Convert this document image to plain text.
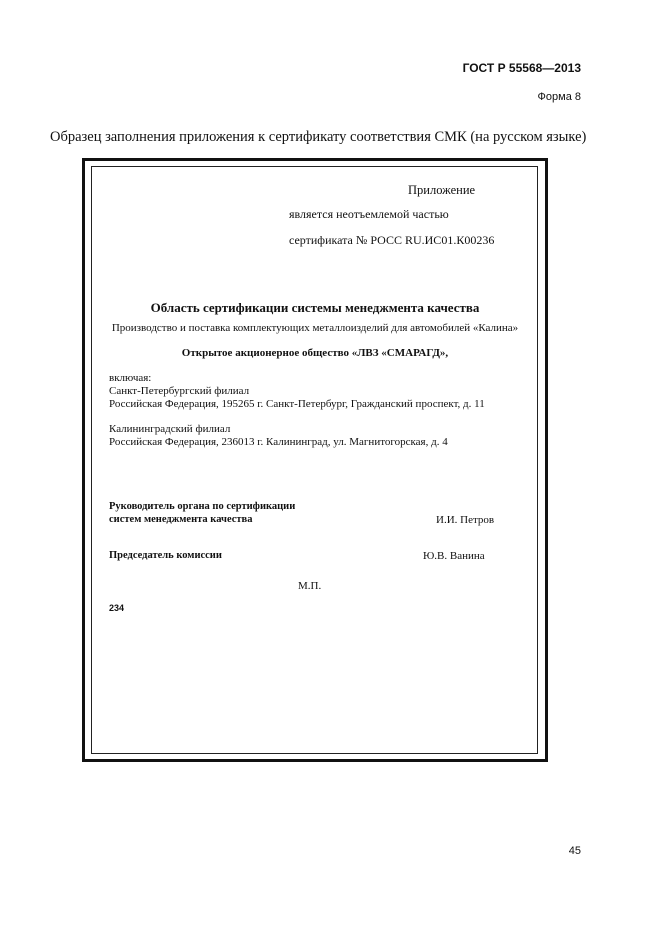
ГОСТ Р 55568—2013
Форма 8
Образец заполнения приложения к сертификату соответствия СМК (на русском языке)
Приложение
является неотъемлемой частью
сертификата № РОСС RU.ИС01.К00236
Область сертификации системы менеджмента качества
Производство и поставка комплектующих металлоизделий для автомобилей «Калина»
Открытое акционерное общество «ЛВЗ «СМАРАГД»,
включая:
Санкт-Петербургский филиал
Российская Федерация, 195265 г. Санкт-Петербург, Гражданский проспект, д. 11
Калининградский филиал
Российская Федерация, 236013 г. Калининград, ул. Магнитогорская, д. 4
Руководитель органа по сертификации
систем менеджмента качества	И.И. Петров
Председатель комиссии	Ю.В. Ванина
М.П.
234
45
